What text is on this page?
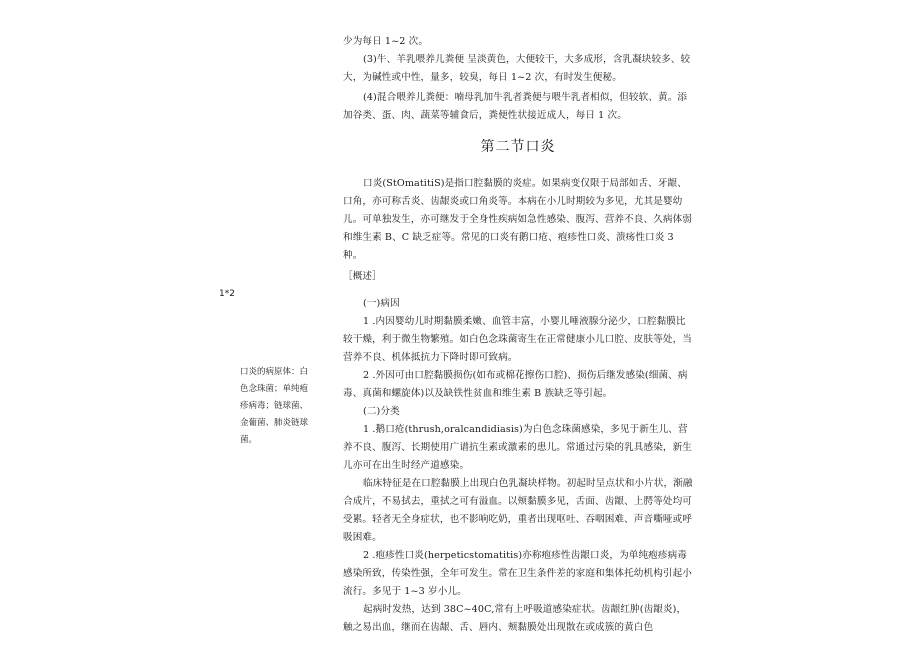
少为每日 1~2 次。

(3)牛、羊乳喂养儿粪便 呈淡黄色，大便较干，大多成形，含乳凝块较多、较大，为碱性或中性，量多，较臭，每日 1~2 次，有时发生便秘。

(4)混合喂养儿粪便：喃母乳加牛乳者粪便与喂牛乳者相似，但较软、黄。添加谷类、蛋、肉、蔬菜等辅食后，粪便性状接近成人，每日 1 次。

第二节口炎

口炎(StOmatitiS)是指口腔黏膜的炎症。如果病变仅限于局部如舌、牙龈、口角，亦可称舌炎、齿龈炎或口角炎等。本病在小儿时期较为多见，尤其是婴幼儿。可单独发生，亦可继发于全身性疾病如急性感染、腹泻、营养不良、久病体弱和维生素 B、C 缺乏症等。常见的口炎有鹅口疮、疱疹性口炎、溃疡性口炎 3 种。

［概述］

1*2

(一)病因

1 .内因婴幼儿时期黏膜柔嫩、血管丰富，小婴儿唾液腺分泌少，口腔黏膜比较干燥，利于微生物繁殖。如白色念珠菌寄生在正常健康小儿口腔、皮肤等处，当营养不良、机体抵抗力下降时即可致病。

2 .外因可由口腔黏膜损伤(如布或棉花擦伤口腔)、损伤后继发感染(细菌、病毒、真菌和螺旋体)以及缺铁性贫血和维生素 B 族缺乏等引起。

口炎的病原体：白色念珠菌；单纯疱疹病毒；链球菌、金葡菌、肺炎链球菌。

(二)分类

1 .鹅口疮(thrush,oralcandidiasis)为白色念珠菌感染，多见于新生儿、营养不良、腹泻、长期使用广谱抗生素或激素的患儿。常通过污染的乳具感染，新生儿亦可在出生时经产道感染。

临床特征是在口腔黏膜上出现白色乳凝块样物。初起时呈点状和小片状，渐融合成片，不易拭去，重拭之可有溢血。以颊黏膜多见，舌面、齿龈、上腭等处均可受累。轻者无全身症状，也不影响吃奶，重者出现呕吐、吞咽困难、声音嘶哑或呼吸困难。

2 .疱疹性口炎(herpeticstomatitis)亦称疱疹性齿龈口炎，为单纯疱疹病毒感染所致，传染性强，全年可发生。常在卫生条件差的家庭和集体托幼机构引起小流行。多见于 1~3 岁小儿。

起病时发热，达到 38C~40C,常有上呼吸道感染症状。齿龈红肿(齿龈炎)，触之易出血，继而在齿龈、舌、唇内、颊黏膜处出现散在或成簇的黄白色
